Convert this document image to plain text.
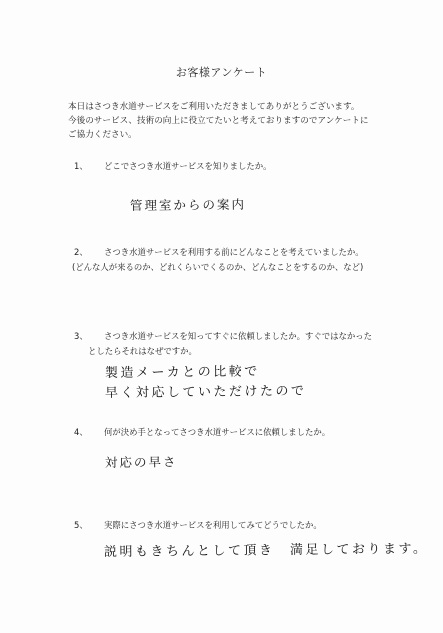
お客様アンケート
本日はさつき水道サービスをご利用いただきましてありがとうございます。
今後のサービス、技術の向上に役立てたいと考えておりますのでアンケートに
ご協力ください。
1、 どこでさつき水道サービスを知りましたか。
管理室からの案内
2、 さつき水道サービスを利用する前にどんなことを考えていましたか。
(どんな人が来るのか、どれくらいでくるのか、どんなことをするのか、など)
3、 さつき水道サービスを知ってすぐに依頼しましたか。すぐではなかった
としたらそれはなぜですか。
製造メーカとの比較で
早く対応していただけたので
4、 何が決め手となってさつき水道サービスに依頼しましたか。
対応の早さ
5、 実際にさつき水道サービスを利用してみてどうでしたか。
説明もきちんとして頂き　満足しております。
